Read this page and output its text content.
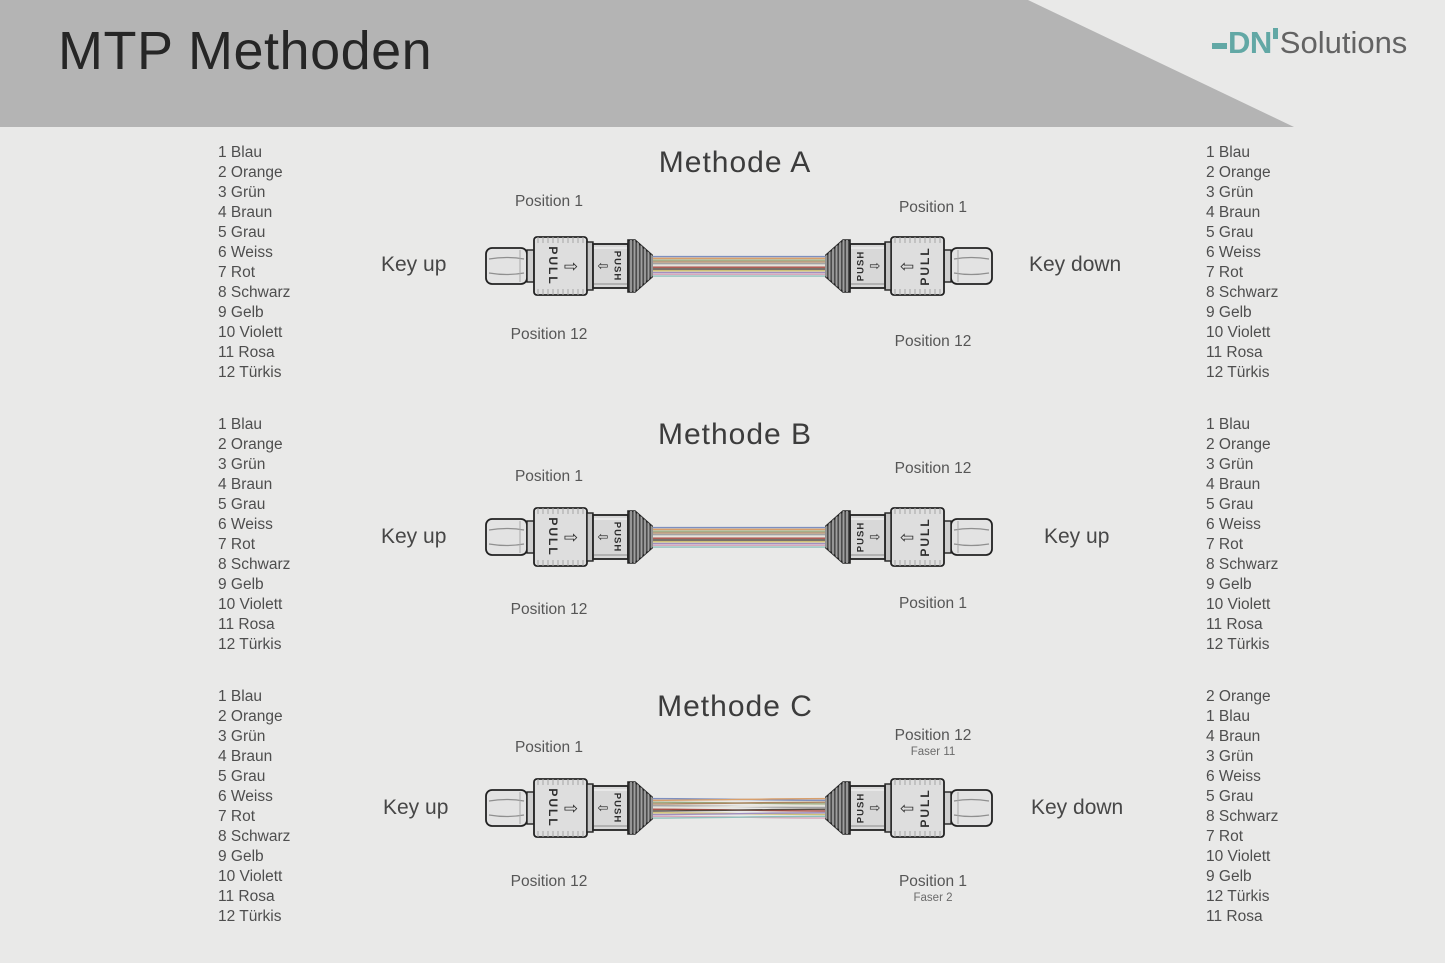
MTP Methoden	DN Solutions
Methode A
1 Blau
2 Orange
3 Grün
4 Braun
5 Grau
6 Weiss
7 Rot
8 Schwarz
9 Gelb
10 Violett
11 Rosa
12 Türkis
1 Blau
2 Orange
3 Grün
4 Braun
5 Grau
6 Weiss
7 Rot
8 Schwarz
9 Gelb
10 Violett
11 Rosa
12 Türkis
Key up	Key down
Position 1	Position 1
Position 12	Position 12
Methode B
1 Blau
2 Orange
3 Grün
4 Braun
5 Grau
6 Weiss
7 Rot
8 Schwarz
9 Gelb
10 Violett
11 Rosa
12 Türkis
1 Blau
2 Orange
3 Grün
4 Braun
5 Grau
6 Weiss
7 Rot
8 Schwarz
9 Gelb
10 Violett
11 Rosa
12 Türkis
Key up	Key up
Position 1	Position 12
Position 12	Position 1
Methode C
1 Blau
2 Orange
3 Grün
4 Braun
5 Grau
6 Weiss
7 Rot
8 Schwarz
9 Gelb
10 Violett
11 Rosa
12 Türkis
2 Orange
1 Blau
4 Braun
3 Grün
6 Weiss
5 Grau
8 Schwarz
7 Rot
10 Violett
9 Gelb
12 Türkis
11 Rosa
Key up	Key down
Position 1
Position 12
Faser 11
Position 12	Position 1
Faser 2
